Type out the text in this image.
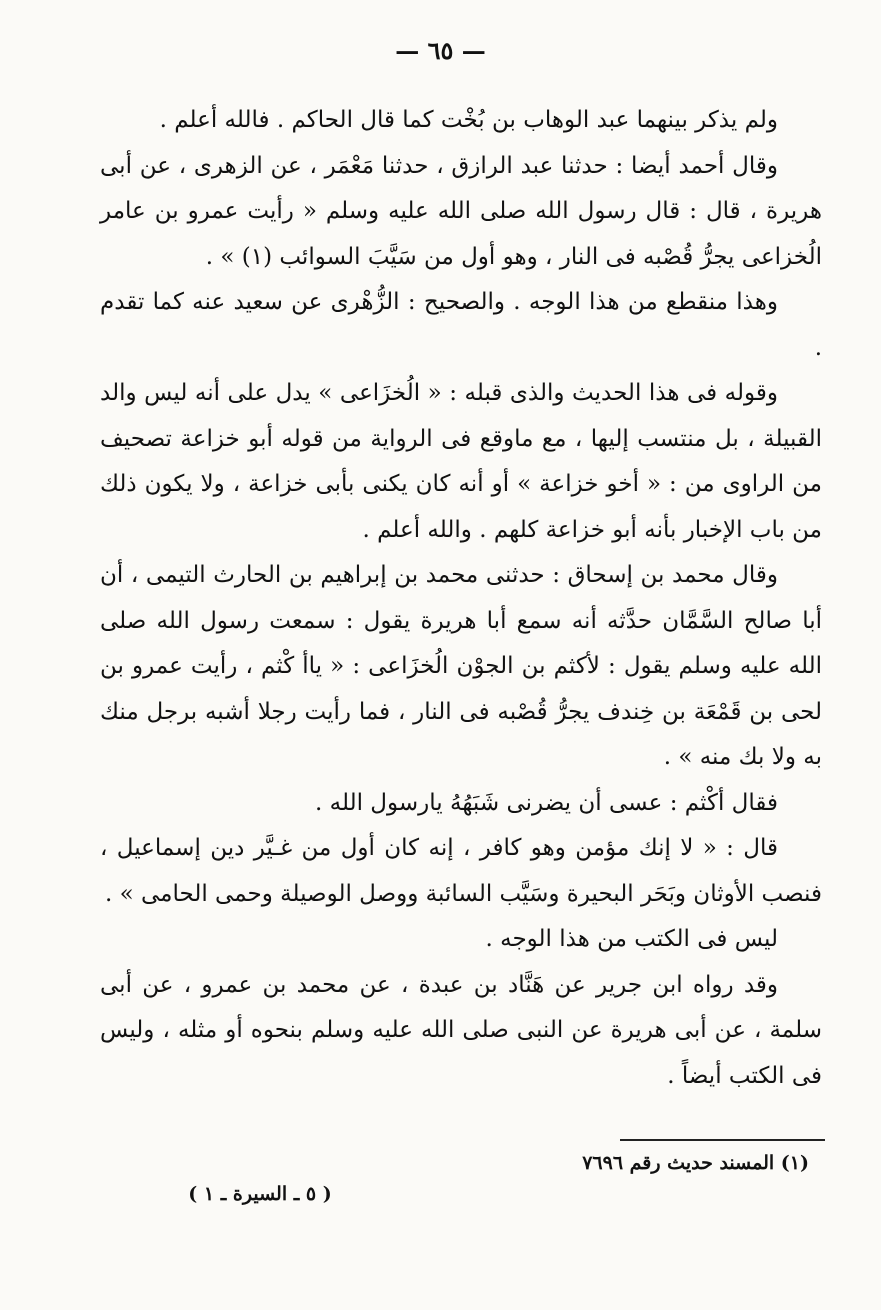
— ٦٥ —

ولم يذكر بينهما عبد الوهاب بن بُخْت كما قال الحاكم . فالله أعلم .

وقال أحمد أيضا : حدثنا عبد الرازق ، حدثنا مَعْمَر ، عن الزهرى ، عن أبى هريرة ، قال : قال رسول الله صلى الله عليه وسلم « رأيت عمرو بن عامر الُخزاعى يجرُّ قُصْبه فى النار ، وهو أول من سَيَّبَ السوائب (١) » .

وهذا منقطع من هذا الوجه . والصحيح : الزُّهْرى عن سعيد عنه كما تقدم .

وقوله فى هذا الحديث والذى قبله : « الُخزَاعى » يدل على أنه ليس والد القبيلة ، بل منتسب إليها ، مع ماوقع فى الرواية من قوله أبو خزاعة تصحيف من الراوى من : « أخو خزاعة » أو أنه كان يكنى بأبى خزاعة ، ولا يكون ذلك من باب الإخبار بأنه أبو خزاعة كلهم . والله أعلم .

وقال محمد بن إسحاق : حدثنى محمد بن إبراهيم بن الحارث التيمى ، أن أبا صالح السَّمَّان حدَّثه أنه سمع أبا هريرة يقول : سمعت رسول الله صلى الله عليه وسلم يقول : لأكثم بن الجوْن الُخزَاعى : « ياأ كْثم ، رأيت عمرو بن لحى بن قَمْعَة بن خِندف يجرُّ قُصْبه فى النار ، فما رأيت رجلا أشبه برجل منك به ولا بك منه » .

فقال أكْثم : عسى أن يضرنى شَبَهُهُ يارسول الله .

قال : « لا إنك مؤمن وهو كافر ، إنه كان أول من غـيَّر دين إسماعيل ، فنصب الأوثان وبَحَر البحيرة وسَيَّب السائبة ووصل الوصيلة وحمى الحامى » .

ليس فى الكتب من هذا الوجه .

وقد رواه ابن جرير عن هَنَّاد بن عبدة ، عن محمد بن عمرو ، عن أبى سلمة ، عن أبى هريرة عن النبى صلى الله عليه وسلم بنحوه أو مثله ، وليس فى الكتب أيضاً .

(١) المسند حديث رقم ٧٦٩٦
( ٥ ـ السيرة ـ ١ )
